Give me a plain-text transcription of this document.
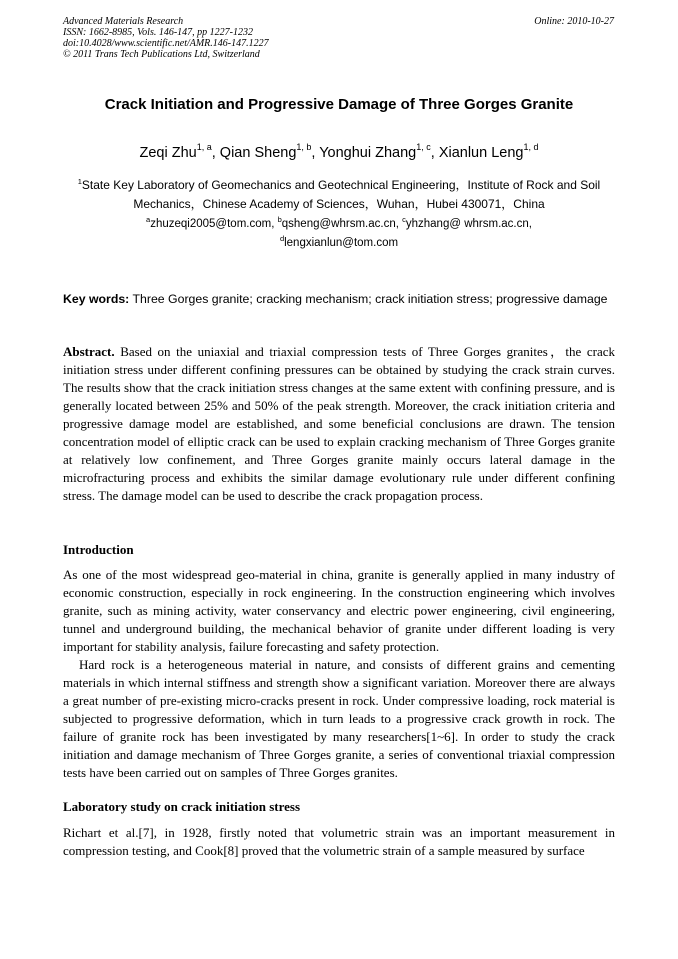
Advanced Materials Research
ISSN: 1662-8985, Vols. 146-147, pp 1227-1232
doi:10.4028/www.scientific.net/AMR.146-147.1227
© 2011 Trans Tech Publications Ltd, Switzerland
Online: 2010-10-27
Crack Initiation and Progressive Damage of Three Gorges Granite
Zeqi Zhu$^{1, a}$, Qian Sheng$^{1, b}$, Yonghui Zhang$^{1, c}$, Xianlun Leng$^{1, d}$
$^1$State Key Laboratory of Geomechanics and Geotechnical Engineering，Institute of Rock and Soil
Mechanics，Chinese Academy of Sciences，Wuhan，Hubei 430071，China
$^a$zhuzeqi2005@tom.com, $^b$qsheng@whrsm.ac.cn, $^c$yhzhang@ whrsm.ac.cn,
$^d$lengxianlun@tom.com
Key words: Three Gorges granite; cracking mechanism; crack initiation stress; progressive damage
Abstract. Based on the uniaxial and triaxial compression tests of Three Gorges granites，the crack initiation stress under different confining pressures can be obtained by studying the crack strain curves. The results show that the crack initiation stress changes at the same extent with confining pressure, and is generally located between 25% and 50% of the peak strength. Moreover, the crack initiation criteria and progressive damage model are established, and some beneficial conclusions are drawn. The tension concentration model of elliptic crack can be used to explain cracking mechanism of Three Gorges granite at relatively low confinement, and Three Gorges granite mainly occurs lateral damage in the microfracturing process and exhibits the similar damage evolutionary rule under different confining stress. The damage model can be used to describe the crack propagation process.
Introduction
As one of the most widespread geo-material in china, granite is generally applied in many industry of economic construction, especially in rock engineering. In the construction engineering which involves granite, such as mining activity, water conservancy and electric power engineering, civil engineering, tunnel and underground building, the mechanical behavior of granite under different loading is very important for stability analysis, failure forecasting and safety protection.
Hard rock is a heterogeneous material in nature, and consists of different grains and cementing materials in which internal stiffness and strength show a significant variation. Moreover there are always a great number of pre-existing micro-cracks present in rock. Under compressive loading, rock material is subjected to progressive deformation, which in turn leads to a progressive crack growth in rock. The failure of granite rock has been investigated by many researchers[1~6]. In order to study the crack initiation and damage mechanism of Three Gorges granite, a series of conventional triaxial compression tests have been carried out on samples of Three Gorges granites.
Laboratory study on crack initiation stress
Richart et al.[7], in 1928, firstly noted that volumetric strain was an important measurement in compression testing, and Cook[8] proved that the volumetric strain of a sample measured by surface
